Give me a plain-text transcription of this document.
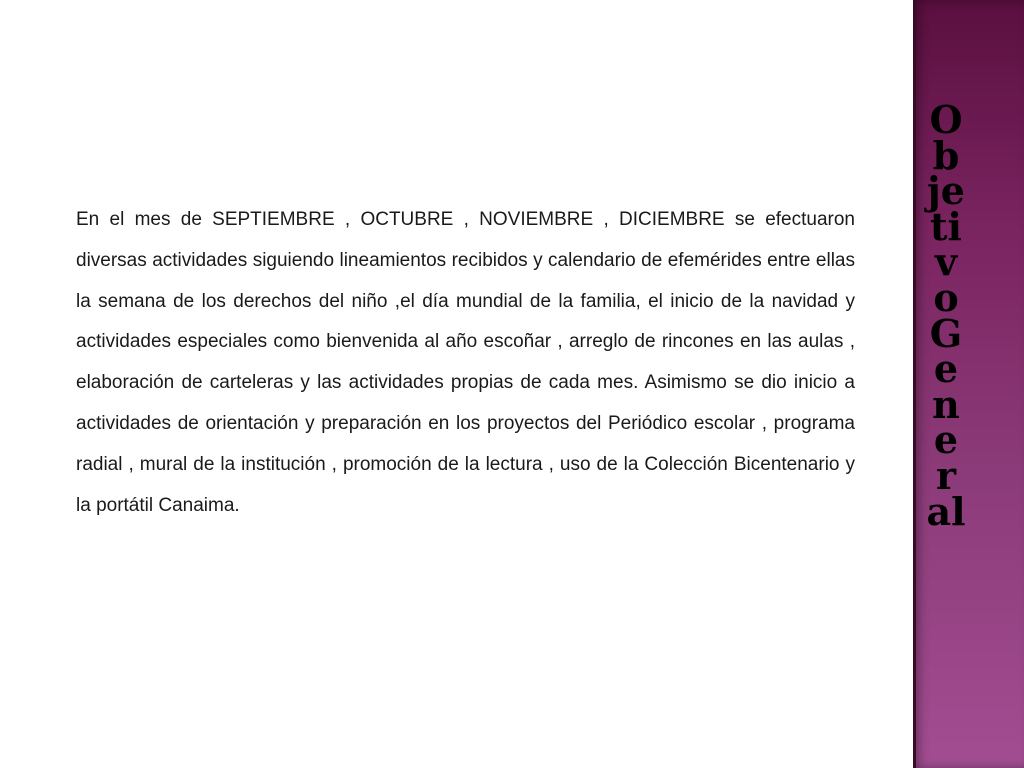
En el mes de SEPTIEMBRE , OCTUBRE , NOVIEMBRE , DICIEMBRE se efectuaron diversas actividades siguiendo lineamientos recibidos y calendario de efemérides entre ellas la semana de los derechos del niño ,el día mundial de la familia, el inicio de la navidad y actividades especiales como bienvenida al año escoñar , arreglo de rincones en las aulas , elaboración de carteleras y las actividades propias de cada mes. Asimismo se dio inicio a actividades de orientación y preparación en los proyectos del Periódico escolar , programa radial , mural de la institución , promoción de la lectura , uso de la Colección Bicentenario y la portátil Canaima.

Objetivo General
